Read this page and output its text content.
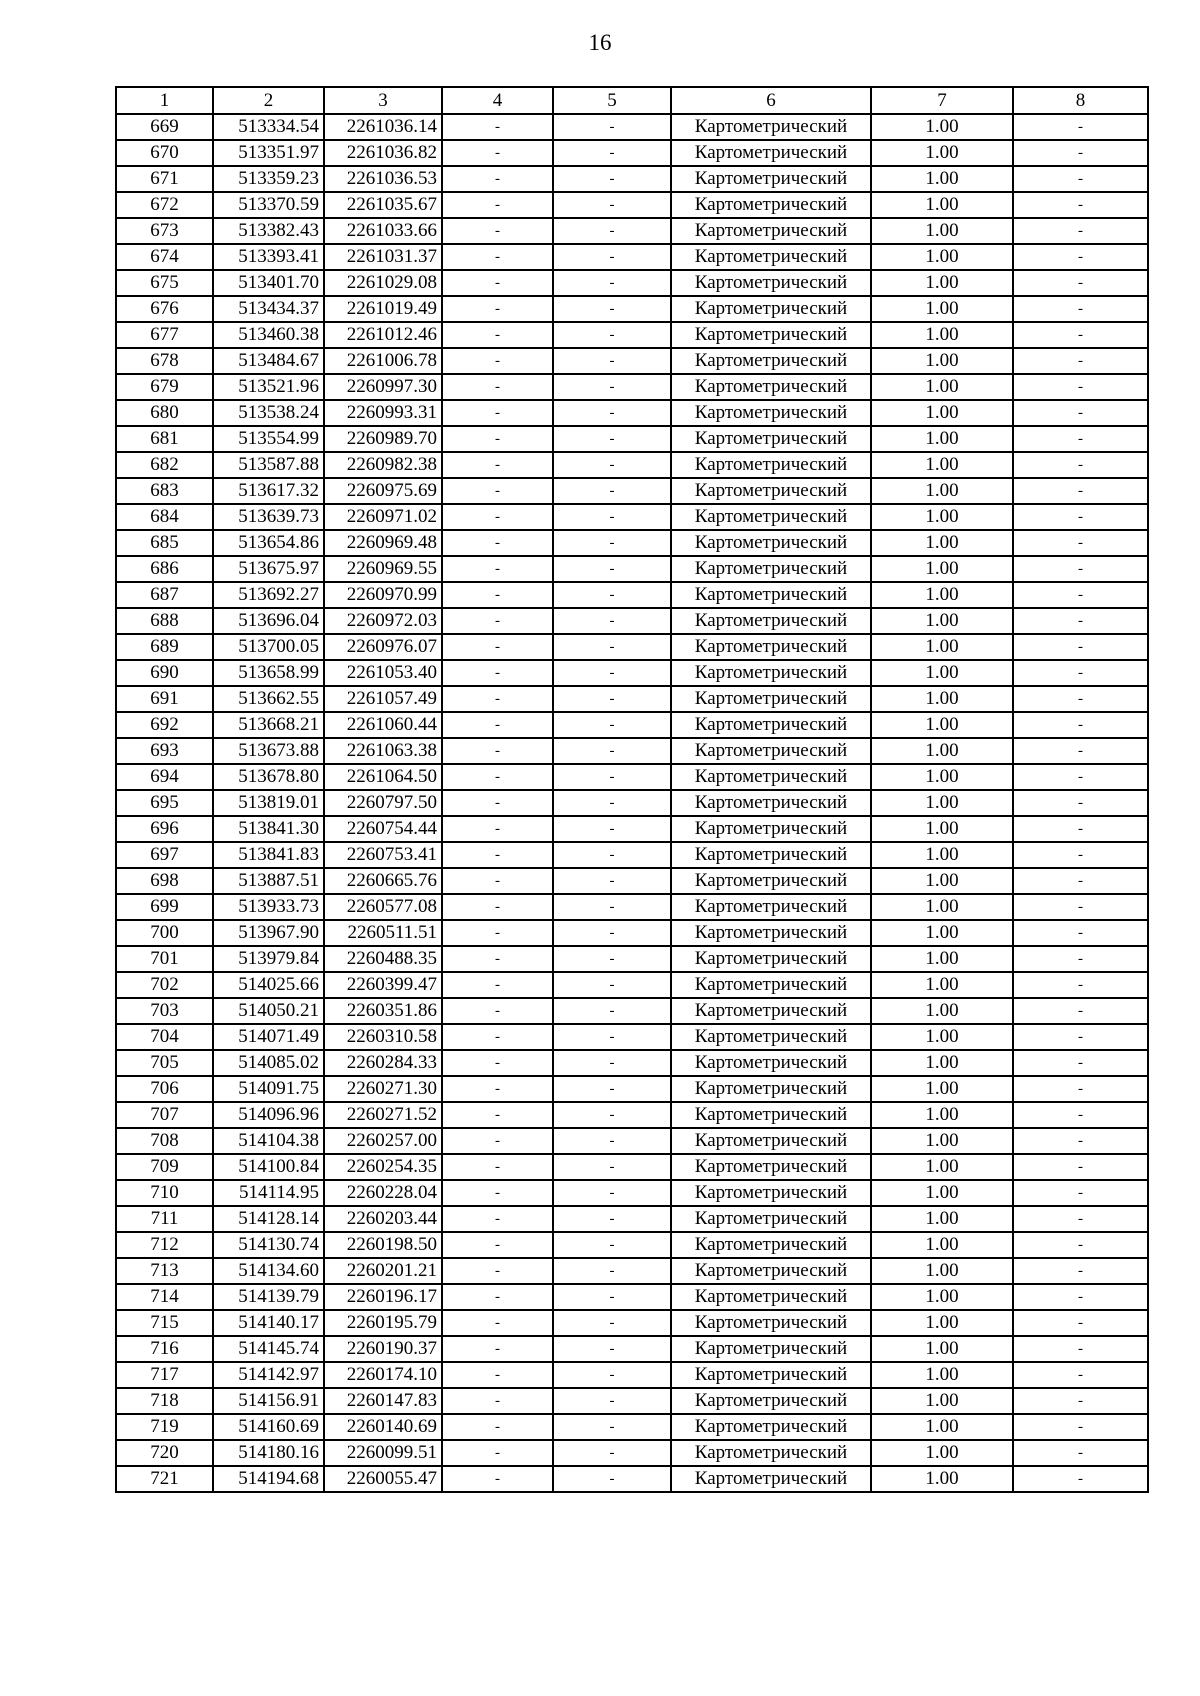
16
1	2	3	4	5	6	7	8
669	513334.54	2261036.14	-	-	Картометрический	1.00	-
670	513351.97	2261036.82	-	-	Картометрический	1.00	-
671	513359.23	2261036.53	-	-	Картометрический	1.00	-
672	513370.59	2261035.67	-	-	Картометрический	1.00	-
673	513382.43	2261033.66	-	-	Картометрический	1.00	-
674	513393.41	2261031.37	-	-	Картометрический	1.00	-
675	513401.70	2261029.08	-	-	Картометрический	1.00	-
676	513434.37	2261019.49	-	-	Картометрический	1.00	-
677	513460.38	2261012.46	-	-	Картометрический	1.00	-
678	513484.67	2261006.78	-	-	Картометрический	1.00	-
679	513521.96	2260997.30	-	-	Картометрический	1.00	-
680	513538.24	2260993.31	-	-	Картометрический	1.00	-
681	513554.99	2260989.70	-	-	Картометрический	1.00	-
682	513587.88	2260982.38	-	-	Картометрический	1.00	-
683	513617.32	2260975.69	-	-	Картометрический	1.00	-
684	513639.73	2260971.02	-	-	Картометрический	1.00	-
685	513654.86	2260969.48	-	-	Картометрический	1.00	-
686	513675.97	2260969.55	-	-	Картометрический	1.00	-
687	513692.27	2260970.99	-	-	Картометрический	1.00	-
688	513696.04	2260972.03	-	-	Картометрический	1.00	-
689	513700.05	2260976.07	-	-	Картометрический	1.00	-
690	513658.99	2261053.40	-	-	Картометрический	1.00	-
691	513662.55	2261057.49	-	-	Картометрический	1.00	-
692	513668.21	2261060.44	-	-	Картометрический	1.00	-
693	513673.88	2261063.38	-	-	Картометрический	1.00	-
694	513678.80	2261064.50	-	-	Картометрический	1.00	-
695	513819.01	2260797.50	-	-	Картометрический	1.00	-
696	513841.30	2260754.44	-	-	Картометрический	1.00	-
697	513841.83	2260753.41	-	-	Картометрический	1.00	-
698	513887.51	2260665.76	-	-	Картометрический	1.00	-
699	513933.73	2260577.08	-	-	Картометрический	1.00	-
700	513967.90	2260511.51	-	-	Картометрический	1.00	-
701	513979.84	2260488.35	-	-	Картометрический	1.00	-
702	514025.66	2260399.47	-	-	Картометрический	1.00	-
703	514050.21	2260351.86	-	-	Картометрический	1.00	-
704	514071.49	2260310.58	-	-	Картометрический	1.00	-
705	514085.02	2260284.33	-	-	Картометрический	1.00	-
706	514091.75	2260271.30	-	-	Картометрический	1.00	-
707	514096.96	2260271.52	-	-	Картометрический	1.00	-
708	514104.38	2260257.00	-	-	Картометрический	1.00	-
709	514100.84	2260254.35	-	-	Картометрический	1.00	-
710	514114.95	2260228.04	-	-	Картометрический	1.00	-
711	514128.14	2260203.44	-	-	Картометрический	1.00	-
712	514130.74	2260198.50	-	-	Картометрический	1.00	-
713	514134.60	2260201.21	-	-	Картометрический	1.00	-
714	514139.79	2260196.17	-	-	Картометрический	1.00	-
715	514140.17	2260195.79	-	-	Картометрический	1.00	-
716	514145.74	2260190.37	-	-	Картометрический	1.00	-
717	514142.97	2260174.10	-	-	Картометрический	1.00	-
718	514156.91	2260147.83	-	-	Картометрический	1.00	-
719	514160.69	2260140.69	-	-	Картометрический	1.00	-
720	514180.16	2260099.51	-	-	Картометрический	1.00	-
721	514194.68	2260055.47	-	-	Картометрический	1.00	-
